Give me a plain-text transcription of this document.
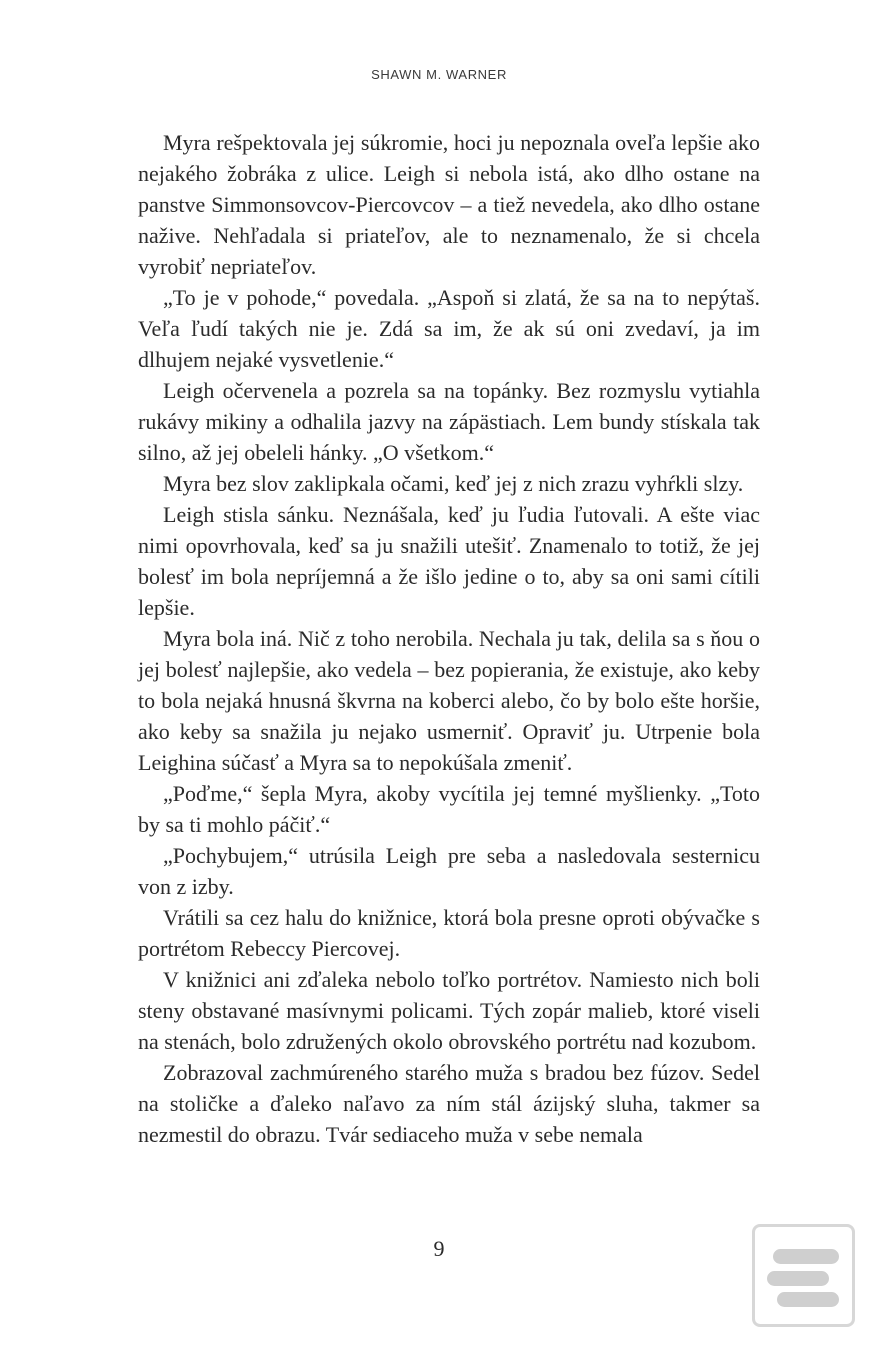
SHAWN M. WARNER

Myra rešpektovala jej súkromie, hoci ju nepoznala oveľa lepšie ako nejakého žobráka z ulice. Leigh si nebola istá, ako dlho ostane na panstve Simmonsovcov-Piercovcov – a tiež nevedela, ako dlho ostane nažive. Nehľadala si priateľov, ale to neznamenalo, že si chcela vyrobiť nepriateľov.

„To je v pohode,“ povedala. „Aspoň si zlatá, že sa na to nepýtaš. Veľa ľudí takých nie je. Zdá sa im, že ak sú oni zvedaví, ja im dlhujem nejaké vysvetlenie.“

Leigh očervenela a pozrela sa na topánky. Bez rozmyslu vytiahla rukávy mikiny a odhalila jazvy na zápästiach. Lem bundy stískala tak silno, až jej obeleli hánky. „O všetkom.“

Myra bez slov zaklipkala očami, keď jej z nich zrazu vyhŕkli slzy.

Leigh stisla sánku. Neznášala, keď ju ľudia ľutovali. A ešte viac nimi opovrhovala, keď sa ju snažili utešiť. Znamenalo to totiž, že jej bolesť im bola nepríjemná a že išlo jedine o to, aby sa oni sami cítili lepšie.

Myra bola iná. Nič z toho nerobila. Nechala ju tak, delila sa s ňou o jej bolesť najlepšie, ako vedela – bez popierania, že existuje, ako keby to bola nejaká hnusná škvrna na koberci alebo, čo by bolo ešte horšie, ako keby sa snažila ju nejako usmerniť. Opraviť ju. Utrpenie bola Leighina súčasť a Myra sa to nepokúšala zmeniť.

„Poďme,“ šepla Myra, akoby vycítila jej temné myšlienky. „Toto by sa ti mohlo páčiť.“

„Pochybujem,“ utrúsila Leigh pre seba a nasledovala sesternicu von z izby.

Vrátili sa cez halu do knižnice, ktorá bola presne oproti obývačke s portrétom Rebeccy Piercovej.

V knižnici ani zďaleka nebolo toľko portrétov. Namiesto nich boli steny obstavané masívnymi policami. Tých zopár malieb, ktoré viseli na stenách, bolo združených okolo obrovského portrétu nad kozubom.

Zobrazoval zachmúreného starého muža s bradou bez fúzov. Sedel na stoličke a ďaleko naľavo za ním stál ázijský sluha, takmer sa nezmestil do obrazu. Tvár sediaceho muža v sebe nemala

9
